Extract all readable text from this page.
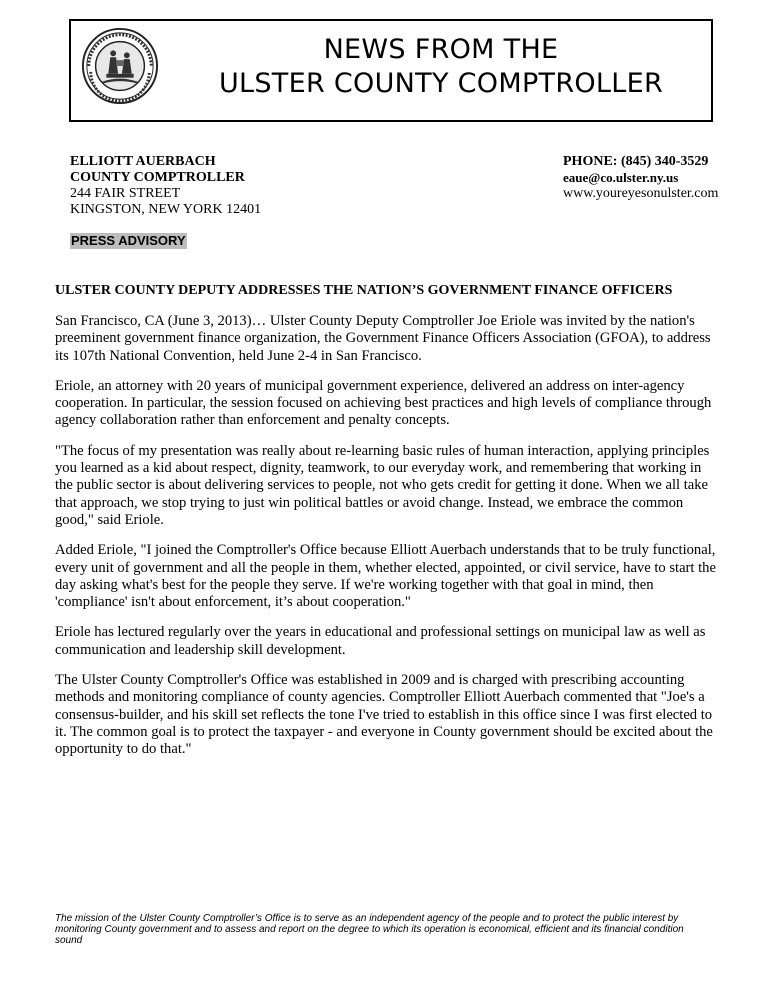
NEWS FROM THE
ULSTER COUNTY COMPTROLLER
ELLIOTT AUERBACH
COUNTY COMPTROLLER
244 FAIR STREET
KINGSTON, NEW YORK 12401
PHONE: (845) 340-3529
eaue@co.ulster.ny.us
www.youreyesonulster.com
PRESS ADVISORY
ULSTER COUNTY DEPUTY ADDRESSES THE NATION’S GOVERNMENT FINANCE OFFICERS

San Francisco, CA (June 3, 2013)… Ulster County Deputy Comptroller Joe Eriole was invited by the nation's preeminent government finance organization, the Government Finance Officers Association (GFOA), to address its 107th National Convention, held June 2-4 in San Francisco.

Eriole, an attorney with 20 years of municipal government experience, delivered an address on inter-agency cooperation. In particular, the session focused on achieving best practices and high levels of compliance through agency collaboration rather than enforcement and penalty concepts.

"The focus of my presentation was really about re-learning basic rules of human interaction, applying principles you learned as a kid about respect, dignity, teamwork, to our everyday work, and remembering that working in the public sector is about delivering services to people, not who gets credit for getting it done. When we all take that approach, we stop trying to just win political battles or avoid change. Instead, we embrace the common good," said Eriole.

Added Eriole, "I joined the Comptroller's Office because Elliott Auerbach understands that to be truly functional, every unit of government and all the people in them, whether elected, appointed, or civil service, have to start the day asking what's best for the people they serve. If we're working together with that goal in mind, then 'compliance' isn't about enforcement, it’s about cooperation."

Eriole has lectured regularly over the years in educational and professional settings on municipal law as well as communication and leadership skill development.

The Ulster County Comptroller's Office was established in 2009 and is charged with prescribing accounting methods and monitoring compliance of county agencies. Comptroller Elliott Auerbach commented that "Joe's a consensus-builder, and his skill set reflects the tone I've tried to establish in this office since I was first elected to it. The common goal is to protect the taxpayer - and everyone in County government should be excited about the opportunity to do that."

The mission of the Ulster County Comptroller’s Office is to serve as an independent agency of the people and to protect the public interest by monitoring County government and to assess and report on the degree to which its operation is economical, efficient and its financial condition sound
